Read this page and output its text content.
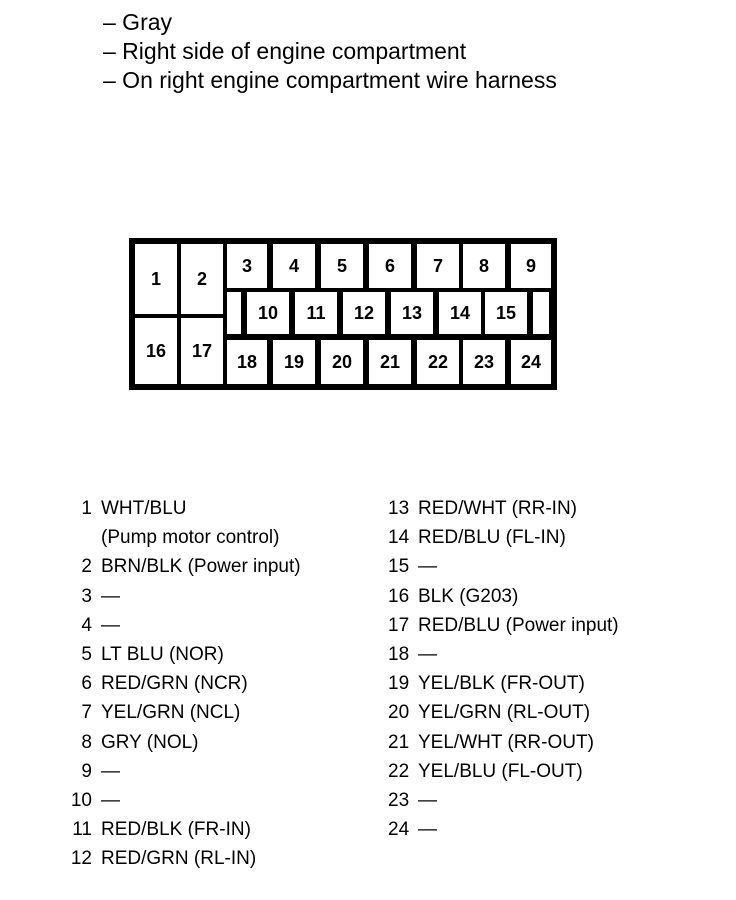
– Gray
– Right side of engine compartment
– On right engine compartment wire harness
1	2
16	17
3	4	5	6	7	8	9
10	11	12	13	14	15
18	19	20	21	22	23	24
1 WHT/BLU
(Pump motor control)
2 BRN/BLK (Power input)
3 —
4 —
5 LT BLU (NOR)
6 RED/GRN (NCR)
7 YEL/GRN (NCL)
8 GRY (NOL)
9 —
10 —
11 RED/BLK (FR-IN)
12 RED/GRN (RL-IN)
13 RED/WHT (RR-IN)
14 RED/BLU (FL-IN)
15 —
16 BLK (G203)
17 RED/BLU (Power input)
18 —
19 YEL/BLK (FR-OUT)
20 YEL/GRN (RL-OUT)
21 YEL/WHT (RR-OUT)
22 YEL/BLU (FL-OUT)
23 —
24 —
